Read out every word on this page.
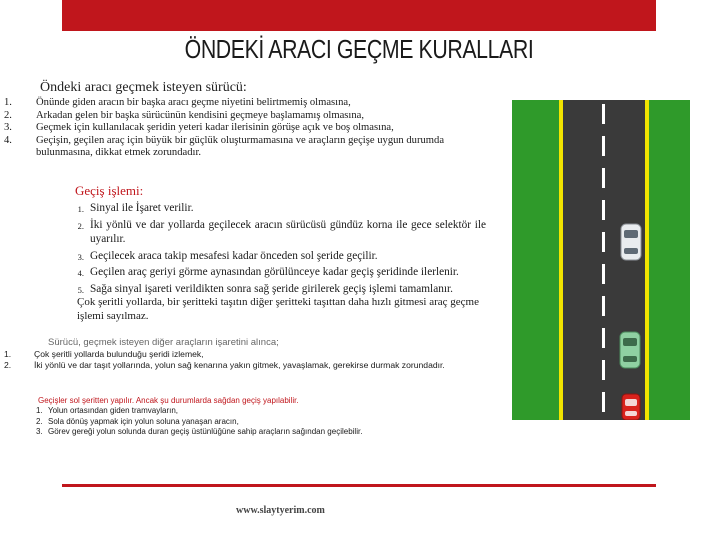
ÖNDEKİ ARACI GEÇME KURALLARI
Öndeki aracı geçmek isteyen sürücü:
1.	Önünde giden aracın bir başka aracı geçme niyetini belirtmemiş olmasına,
2.	Arkadan gelen bir başka sürücünün kendisini geçmeye başlamamış olmasına,
3.	Geçmek için kullanılacak şeridin yeteri kadar ilerisinin görüşe açık ve boş olmasına,
4.	Geçişin, geçilen araç için büyük bir güçlük oluşturmamasına ve araçların geçişe uygun durumda bulunmasına, dikkat etmek zorundadır.
Geçiş işlemi:
1. Sinyal ile İşaret verilir.
2. İki yönlü ve dar yollarda geçilecek aracın sürücüsü gündüz korna ile gece selektör ile uyarılır.
3. Geçilecek araca takip mesafesi kadar önceden sol şeride geçilir.
4. Geçilen araç geriyi görme aynasından görülünceye kadar geçiş şeridinde ilerlenir.
5. Sağa sinyal işareti verildikten sonra sağ şeride girilerek geçiş işlemi tamamlanır.
Çok şeritli yollarda, bir şeritteki taşıtın diğer şeritteki taşıttan daha hızlı gitmesi araç geçme işlemi sayılmaz.
Sürücü, geçmek isteyen diğer araçların işaretini alınca;
1.	Çok şeritli yollarda bulunduğu şeridi izlemek,
2.	İki yönlü ve dar taşıt yollarında, yolun sağ kenarına yakın gitmek, yavaşlamak, gerekirse durmak zorundadır.
Geçişler sol şeritten yapılır. Ancak şu durumlarda sağdan geçiş yapılabilir.
1. Yolun ortasından giden tramvayların,
2. Sola dönüş yapmak için yolun soluna yanaşan aracın,
3. Görev gereği yolun solunda duran geçiş üstünlüğüne sahip araçların sağından geçilebilir.
www.slaytyerim.com
